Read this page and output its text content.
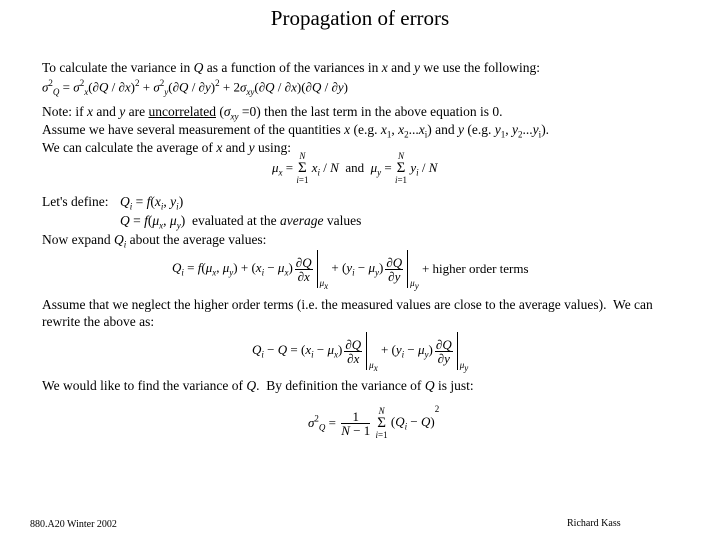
Propagation of errors
To calculate the variance in Q as a function of the variances in x and y we use the following:
$\sigma^2_Q = \sigma^2_x(\partial Q / \partial x)^2 + \sigma^2_y(\partial Q / \partial y)^2 + 2\sigma_{xy}(\partial Q / \partial x)(\partial Q / \partial y)$
Note: if x and y are uncorrelated $(\sigma_{xy} =0)$ then the last term in the above equation is 0.
Assume we have several measurement of the quantities x (e.g. $x_1$, $x_2...x_i$) and y (e.g. $y_1$, $y_2...y_i$).
We can calculate the average of x and y using:
$\mu_x$ =
N
Σ
i=1
$x_i$ / N  and  $\mu_y$ =
N
Σ
i=1
$y_i$ / N
Let's define: $Q_i = f(x_i$, $y_i$)
$Q = f(\mu_x$, $\mu_y$)  evaluated at the average values
Now expand $Q_i$ about the average values:
$Q_i = f(\mu_x$, $\mu_y) + (x_i - \mu_x) \frac{\partial Q}{\partial x}$
$_{\mu_x} + (y_i - \mu_y) \frac{\partial Q}{\partial y}$
$_{\mu_y}$ + higher order terms
Assume that we neglect the higher order terms (i.e. the measured values are close to the average values).  We can
rewrite the above as:
$Q_i - Q = (x_i - \mu_x) \frac{\partial Q}{\partial x}$
$_{\mu_x} + (y_i - \mu_y) \frac{\partial Q}{\partial y}$
$_{\mu_y}$
We would like to find the variance of Q.  By definition the variance of Q is just:
$\sigma^2_Q = \frac{1}{N - 1}$
N
Σ
i=1
$(Q_i - Q)^2$
880.A20 Winter 2002	Richard Kass
